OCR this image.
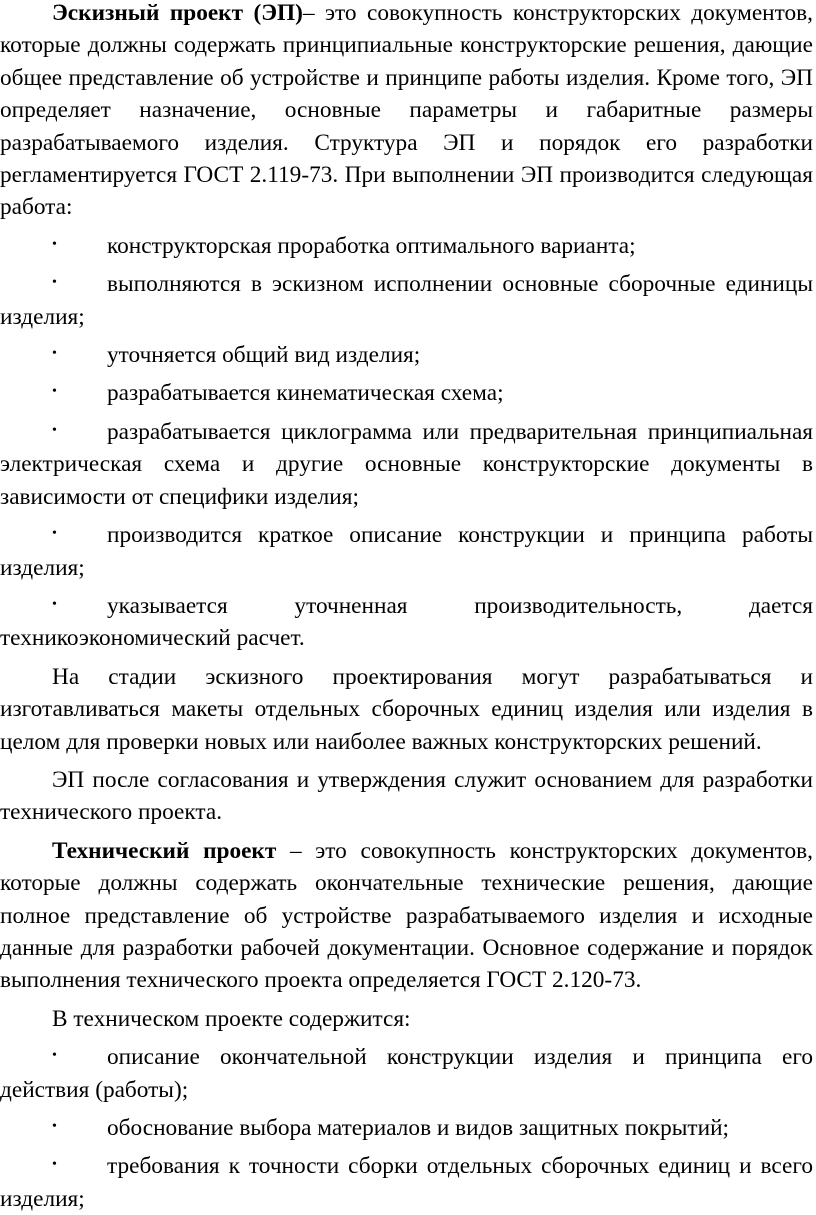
Эскизный проект (ЭП)– это совокупность конструкторских документов, которые должны содержать принципиальные конструкторские решения, дающие общее представление об устройстве и принципе работы изделия. Кроме того, ЭП определяет назначение, основные параметры и габаритные размеры разрабатываемого изделия. Структура ЭП и порядок его разработки регламентируется ГОСТ 2.119-73. При выполнении ЭП производится следующая работа:

• конструкторская проработка оптимального варианта;

• выполняются в эскизном исполнении основные сборочные единицы изделия;

• уточняется общий вид изделия;

• разрабатывается кинематическая схема;

• разрабатывается циклограмма или предварительная принципиальная электрическая схема и другие основные конструкторские документы в зависимости от специфики изделия;

• производится краткое описание конструкции и принципа работы изделия;

• указывается уточненная производительность, дается техникоэкономический расчет.

На стадии эскизного проектирования могут разрабатываться и изготавливаться макеты отдельных сборочных единиц изделия или изделия в целом для проверки новых или наиболее важных конструкторских решений.

ЭП после согласования и утверждения служит основанием для разработки технического проекта.

Технический проект – это совокупность конструкторских документов, которые должны содержать окончательные технические решения, дающие полное представление об устройстве разрабатываемого изделия и исходные данные для разработки рабочей документации. Основное содержание и порядок выполнения технического проекта определяется ГОСТ 2.120-73.

В техническом проекте содержится:

• описание окончательной конструкции изделия и принципа его действия (работы);

• обоснование выбора материалов и видов защитных покрытий;

• требования к точности сборки отдельных сборочных единиц и всего изделия;
